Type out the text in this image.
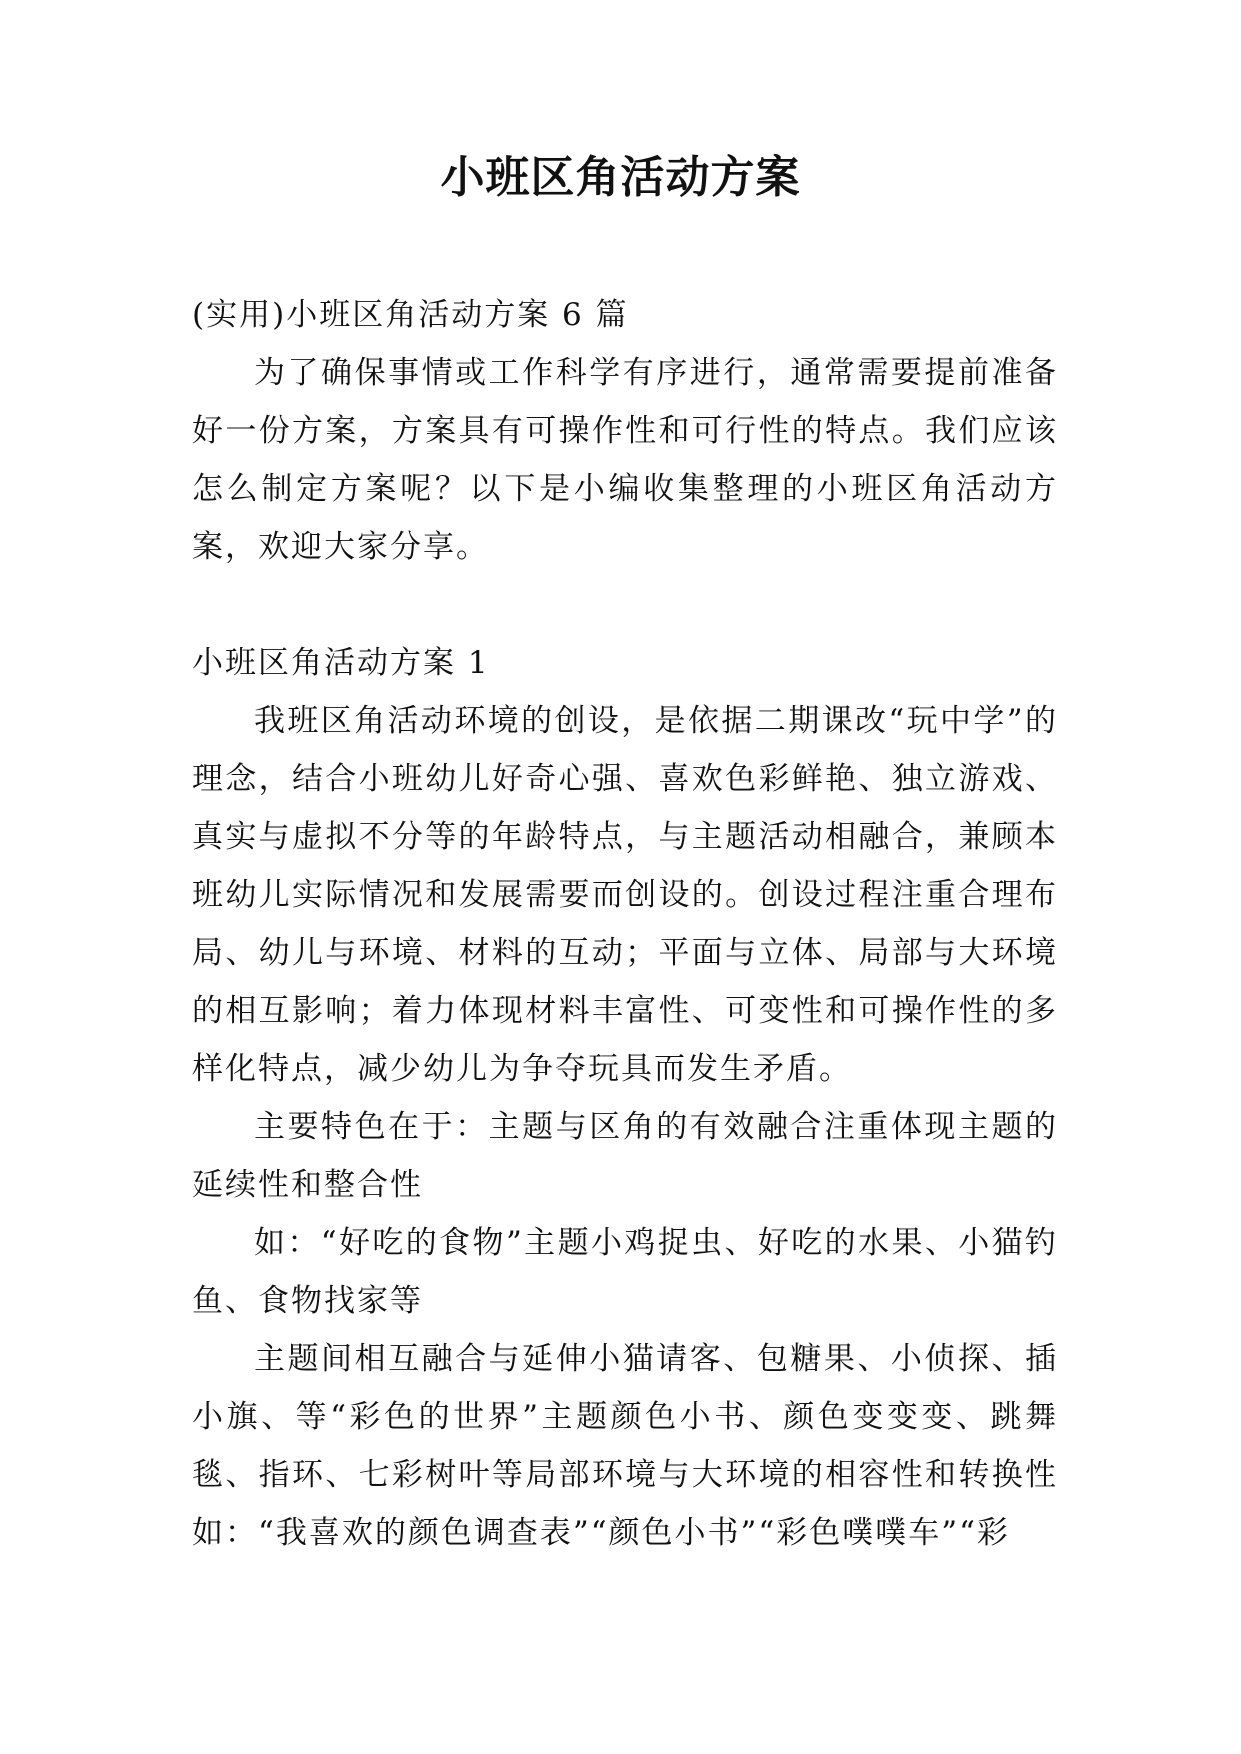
小班区角活动方案

(实用)小班区角活动方案 6 篇

为了确保事情或工作科学有序进行，通常需要提前准备好一份方案，方案具有可操作性和可行性的特点。我们应该怎么制定方案呢？以下是小编收集整理的小班区角活动方案，欢迎大家分享。

小班区角活动方案 1

我班区角活动环境的创设，是依据二期课改“玩中学”的理念，结合小班幼儿好奇心强、喜欢色彩鲜艳、独立游戏、真实与虚拟不分等的年龄特点，与主题活动相融合，兼顾本班幼儿实际情况和发展需要而创设的。创设过程注重合理布局、幼儿与环境、材料的互动；平面与立体、局部与大环境的相互影响；着力体现材料丰富性、可变性和可操作性的多样化特点，减少幼儿为争夺玩具而发生矛盾。

主要特色在于：主题与区角的有效融合注重体现主题的延续性和整合性

如：“好吃的食物”主题小鸡捉虫、好吃的水果、小猫钓鱼、食物找家等

主题间相互融合与延伸小猫请客、包糖果、小侦探、插小旗、等“彩色的世界”主题颜色小书、颜色变变变、跳舞毯、指环、七彩树叶等局部环境与大环境的相容性和转换性如：“我喜欢的颜色调查表”“颜色小书”“彩色噗噗车”“彩
